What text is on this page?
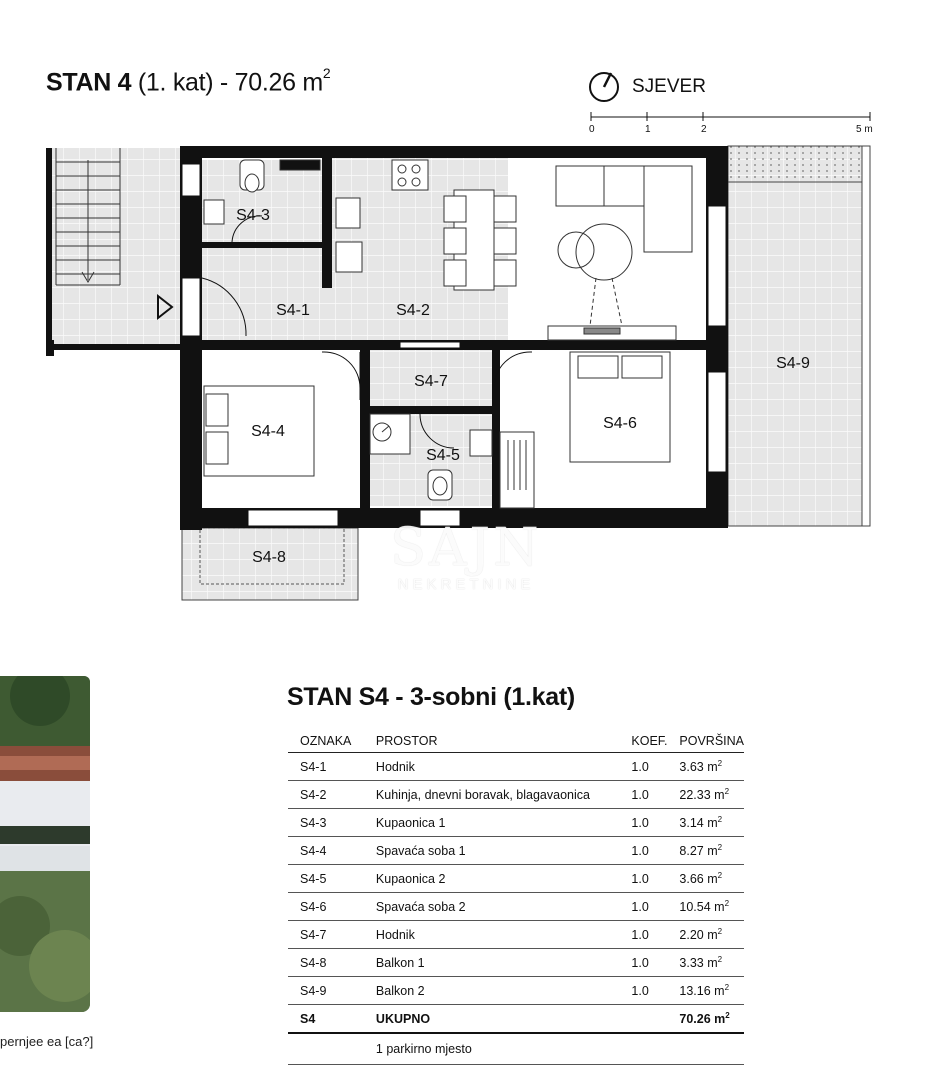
STAN 4 (1. kat) - 70.26 $m^2$
SJEVER
0	1	2	5 m
S4-1	S4-2
S4-3
S4-4
S4-5
S4-6
S4-7
S4-8
S4-9
SAJN
NEKRETNINE
pernjee ea [ca?]
STAN S4 - 3-sobni (1.kat)
OZNAKA	PROSTOR	KOEF.	POVRŠINA
S4-1	Hodnik	1.0	3.63 $m^2$
S4-2	Kuhinja, dnevni boravak, blagavaonica	1.0	22.33 $m^2$
S4-3	Kupaonica 1	1.0	3.14 $m^2$
S4-4	Spavaća soba 1	1.0	8.27 $m^2$
S4-5	Kupaonica 2	1.0	3.66 $m^2$
S4-6	Spavaća soba 2	1.0	10.54 $m^2$
S4-7	Hodnik	1.0	2.20 $m^2$
S4-8	Balkon 1	1.0	3.33 $m^2$
S4-9	Balkon 2	1.0	13.16 $m^2$
S4	UKUPNO		70.26 $m^2$
	1 parkirno mjesto		
